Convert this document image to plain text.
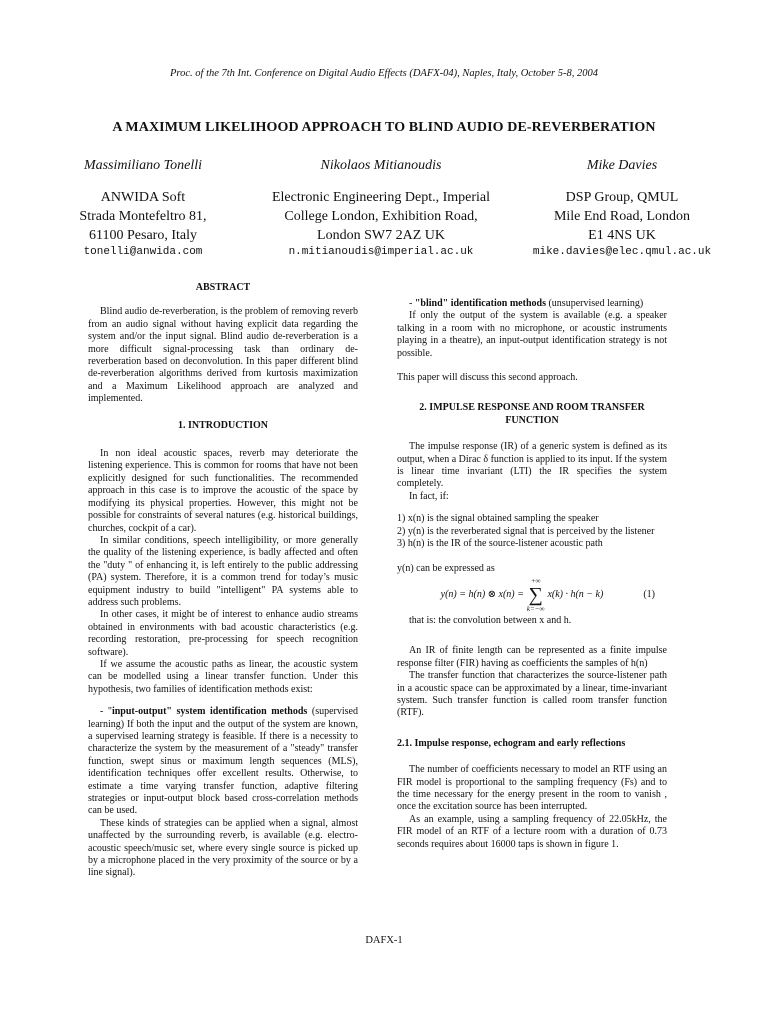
Proc. of the 7th Int. Conference on Digital Audio Effects (DAFX-04), Naples, Italy, October 5-8, 2004
A MAXIMUM LIKELIHOOD APPROACH TO BLIND AUDIO DE-REVERBERATION
Massimiliano Tonelli
ANWIDA Soft
Strada Montefeltro 81,
61100 Pesaro, Italy
tonelli@anwida.com
Nikolaos Mitianoudis
Electronic Engineering Dept., Imperial
College London, Exhibition Road,
London SW7 2AZ UK
n.mitianoudis@imperial.ac.uk
Mike Davies
DSP Group, QMUL
Mile End Road, London
E1 4NS UK
mike.davies@elec.qmul.ac.uk
ABSTRACT

Blind audio de-reverberation, is the problem of removing reverb from an audio signal without having explicit data regarding the system and/or the input signal. Blind audio de-reverberation is a more difficult signal-processing task than ordinary de-reverberation based on deconvolution. In this paper different blind de-reverberation algorithms derived from kurtosis maximization and a Maximum Likelihood approach are analyzed and implemented.

1. INTRODUCTION

In non ideal acoustic spaces, reverb may deteriorate the listening experience. This is common for rooms that have not been explicitly designed for such functionalities. The recommended approach in this case is to improve the acoustic of the space by modifying its physical properties. However, this might not be possible for constraints of several natures (e.g. historical buildings, churches, cockpit of a car).

In similar conditions, speech intelligibility, or more generally the quality of the listening experience, is badly affected and often the "duty " of enhancing it, is left entirely to the public addressing (PA) system. Therefore, it is a common trend for today’s music equipment industry to build "intelligent" PA systems able to address such problems.

In other cases, it might be of interest to enhance audio streams obtained in environments with bad acoustic characteristics (e.g. recording restoration, pre-processing for speech recognition software).

If we assume the acoustic paths as linear, the acoustic system can be modelled using a linear transfer function. Under this hypothesis, two families of identification methods exist:

- "input-output" system identification methods (supervised learning) If both the input and the output of the system are known, a supervised learning strategy is feasible. If there is a necessity to characterize the system by the measurement of a "steady" transfer function, swept sinus or maximum length sequences (MLS), identification techniques offer excellent results. Otherwise, to estimate a time varying transfer function, adaptive filtering strategies or input-output block based cross-correlation methods can be used.

These kinds of strategies can be applied when a signal, almost unaffected by the surrounding reverb, is available (e.g. electro-acoustic speech/music set, where every single source is picked up by a microphone placed in the very proximity of the source or by a line signal).

- "blind" identification methods (unsupervised learning)

If only the output of the system is available (e.g. a speaker talking in a room with no microphone, or acoustic instruments playing in a theatre), an input-output identification strategy is not possible.

This paper will discuss this second approach.

2. IMPULSE RESPONSE AND ROOM TRANSFER
FUNCTION

The impulse response (IR) of a generic system is defined as its output, when a Dirac δ function is applied to its input. If the system is linear time invariant (LTI) the IR specifies the system completely.

In fact, if:

1) x(n) is the signal obtained sampling the speaker

2) y(n) is the reverberated signal that is perceived by the listener

3) h(n) is the IR of the source-listener acoustic path

y(n) can be expressed as

y(n) = h(n) ⊗ x(n) =
+∞
∑
k=−∞
x(k) · h(n − k)	(1)

that is: the convolution between x and h.

An IR of finite length can be represented as a finite impulse response filter (FIR) having as coefficients the samples of h(n)

The transfer function that characterizes the source-listener path in a acoustic space can be approximated by a linear, time-invariant system. Such transfer function is called room transfer function (RTF).

2.1. Impulse response, echogram and early reflections

The number of coefficients necessary to model an RTF using an FIR model is proportional to the sampling frequency (Fs) and to the time necessary for the energy present in the room to vanish , once the excitation source has been interrupted.

As an example, using a sampling frequency of 22.05kHz, the FIR model of an RTF of a lecture room with a duration of 0.73 seconds requires about 16000 taps is shown in figure 1.

DAFX-1
